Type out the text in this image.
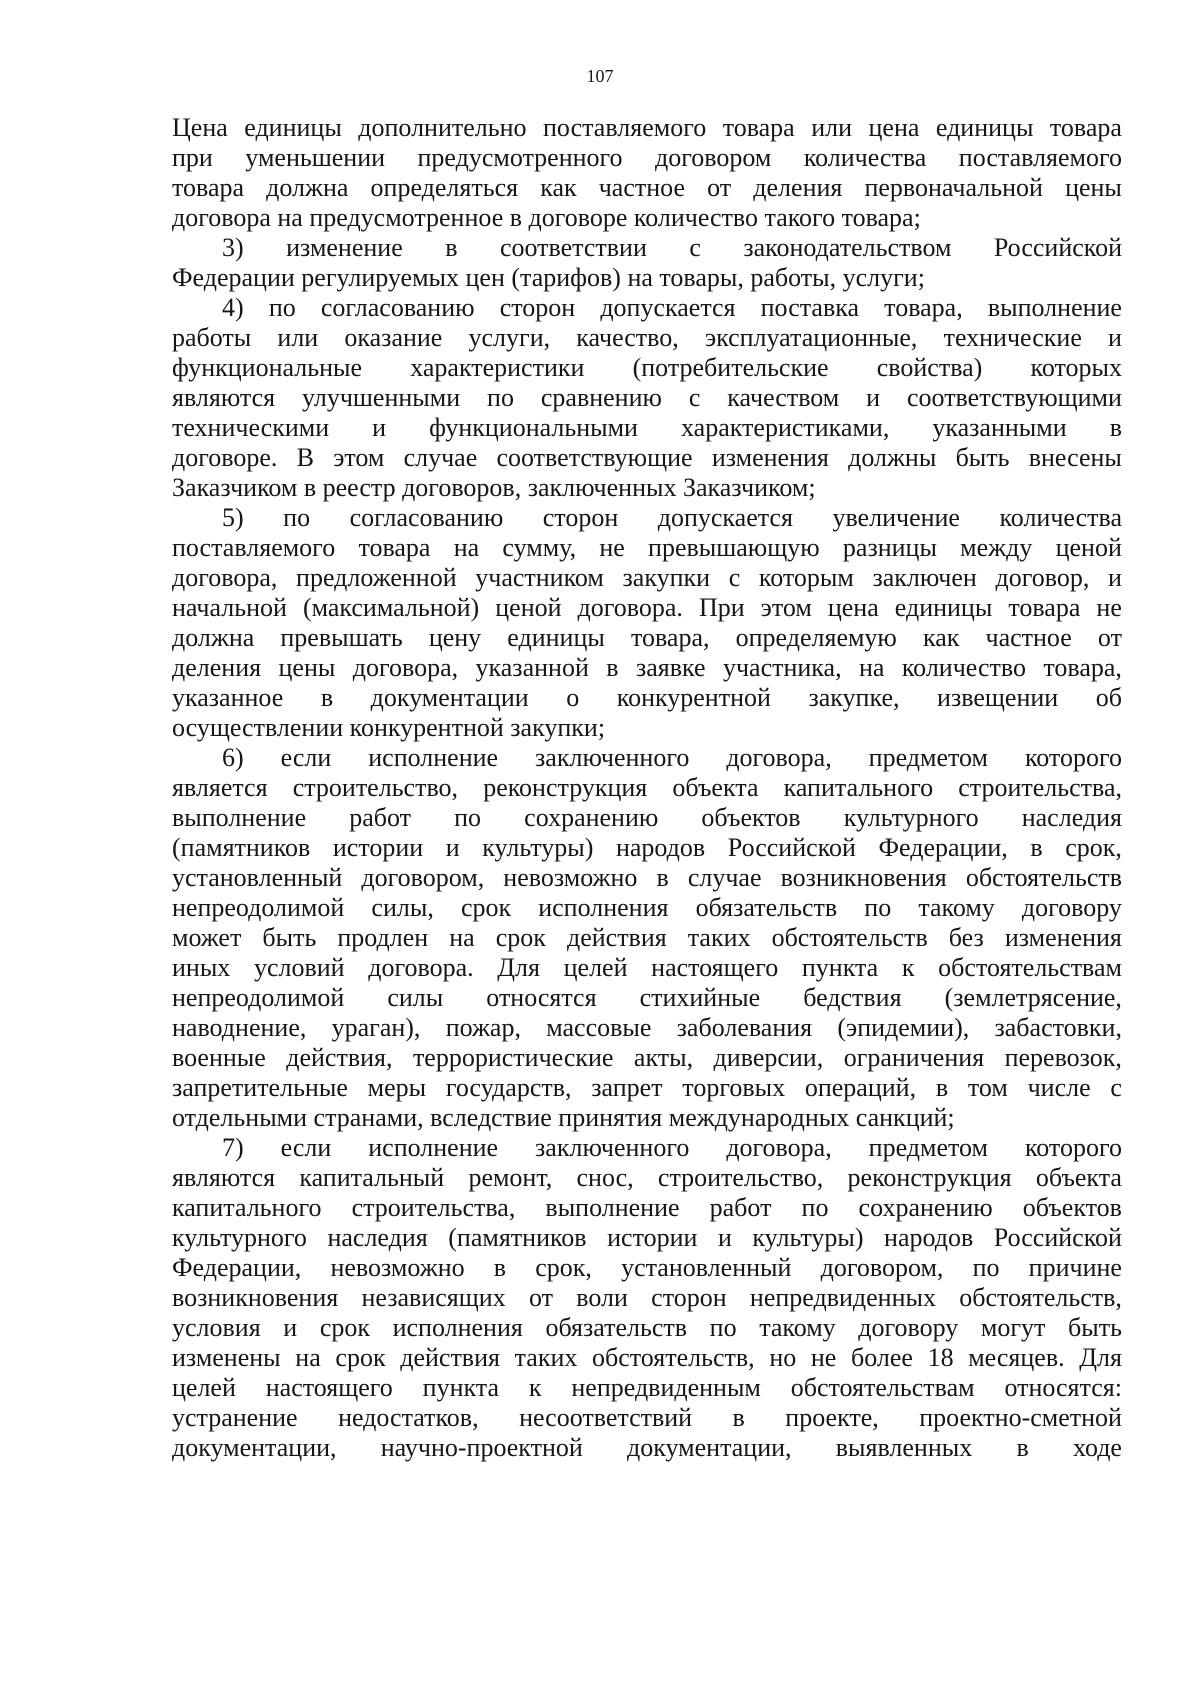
107
Цена единицы дополнительно поставляемого товара или цена единицы товара
при уменьшении предусмотренного договором количества поставляемого
товара должна определяться как частное от деления первоначальной цены
договора на предусмотренное в договоре количество такого товара;
3) изменение в соответствии с законодательством Российской
Федерации регулируемых цен (тарифов) на товары, работы, услуги;
4) по согласованию сторон допускается поставка товара, выполнение
работы или оказание услуги, качество, эксплуатационные, технические и
функциональные характеристики (потребительские свойства) которых
являются улучшенными по сравнению с качеством и соответствующими
техническими и функциональными характеристиками, указанными в
договоре. В этом случае соответствующие изменения должны быть внесены
Заказчиком в реестр договоров, заключенных Заказчиком;
5) по согласованию сторон допускается увеличение количества
поставляемого товара на сумму, не превышающую разницы между ценой
договора, предложенной участником закупки с которым заключен договор, и
начальной (максимальной) ценой договора. При этом цена единицы товара не
должна превышать цену единицы товара, определяемую как частное от
деления цены договора, указанной в заявке участника, на количество товара,
указанное в документации о конкурентной закупке, извещении об
осуществлении конкурентной закупки;
6) если исполнение заключенного договора, предметом которого
является строительство, реконструкция объекта капитального строительства,
выполнение работ по сохранению объектов культурного наследия
(памятников истории и культуры) народов Российской Федерации, в срок,
установленный договором, невозможно в случае возникновения обстоятельств
непреодолимой силы, срок исполнения обязательств по такому договору
может быть продлен на срок действия таких обстоятельств без изменения
иных условий договора. Для целей настоящего пункта к обстоятельствам
непреодолимой силы относятся стихийные бедствия (землетрясение,
наводнение, ураган), пожар, массовые заболевания (эпидемии), забастовки,
военные действия, террористические акты, диверсии, ограничения перевозок,
запретительные меры государств, запрет торговых операций, в том числе с
отдельными странами, вследствие принятия международных санкций;
7) если исполнение заключенного договора, предметом которого
являются капитальный ремонт, снос, строительство, реконструкция объекта
капитального строительства, выполнение работ по сохранению объектов
культурного наследия (памятников истории и культуры) народов Российской
Федерации, невозможно в срок, установленный договором, по причине
возникновения независящих от воли сторон непредвиденных обстоятельств,
условия и срок исполнения обязательств по такому договору могут быть
изменены на срок действия таких обстоятельств, но не более 18 месяцев. Для
целей настоящего пункта к непредвиденным обстоятельствам относятся:
устранение недостатков, несоответствий в проекте, проектно-сметной
документации, научно-проектной документации, выявленных в ходе
